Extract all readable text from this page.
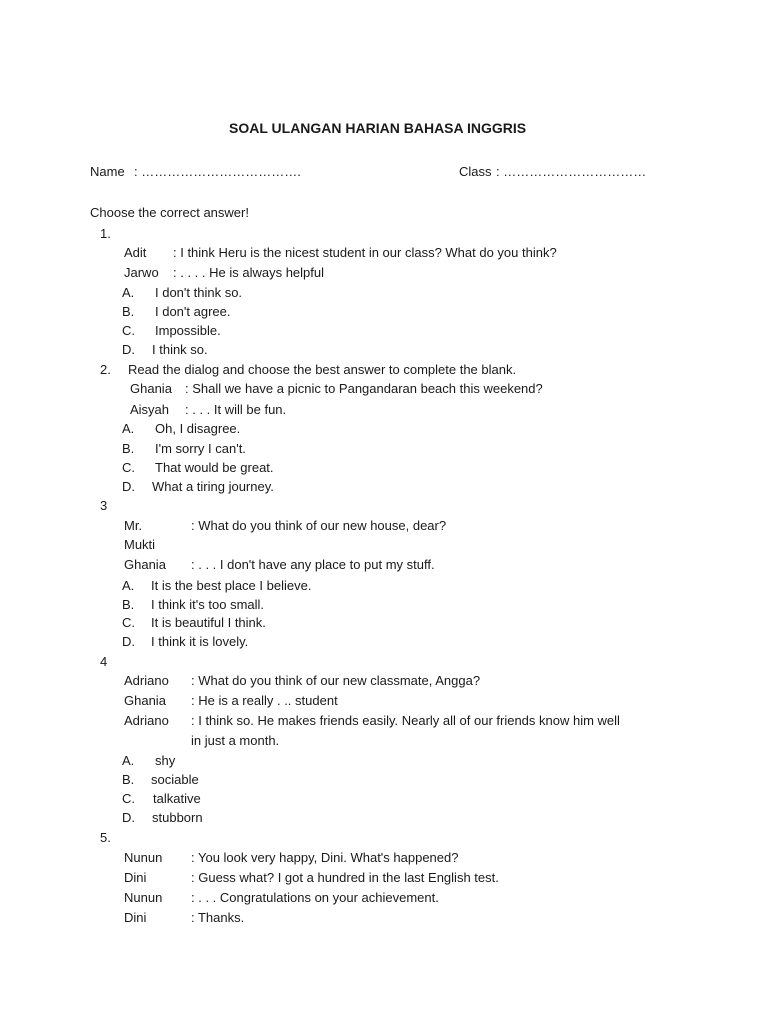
SOAL ULANGAN HARIAN BAHASA INGGRIS
Name : ……………………………….	Class : ……………………………
Choose the correct answer!
1.
Adit : I think Heru is the nicest student in our class? What do you think?
Jarwo : . . . . He is always helpful
A. I don't think so.
B. I don't agree.
C. Impossible.
D. I think so.
2. Read the dialog and choose the best answer to complete the blank.
Ghania : Shall we have a picnic to Pangandaran beach this weekend?
Aisyah : . . . It will be fun.
A. Oh, I disagree.
B. I'm sorry I can't.
C. That would be great.
D. What a tiring journey.
3
Mr.
Mukti
: What do you think of our new house, dear?
Ghania : . . . I don't have any place to put my stuff.
A. It is the best place I believe.
B. I think it's too small.
C. It is beautiful I think.
D. I think it is lovely.
4
Adriano : What do you think of our new classmate, Angga?
Ghania : He is a really . .. student
Adriano : I think so. He makes friends easily. Nearly all of our friends know him well
in just a month.
A. shy
B. sociable
C. talkative
D. stubborn
5.
Nunun : You look very happy, Dini. What's happened?
Dini	: Guess what? I got a hundred in the last English test.
Nunun : . . . Congratulations on your achievement.
Dini	: Thanks.
